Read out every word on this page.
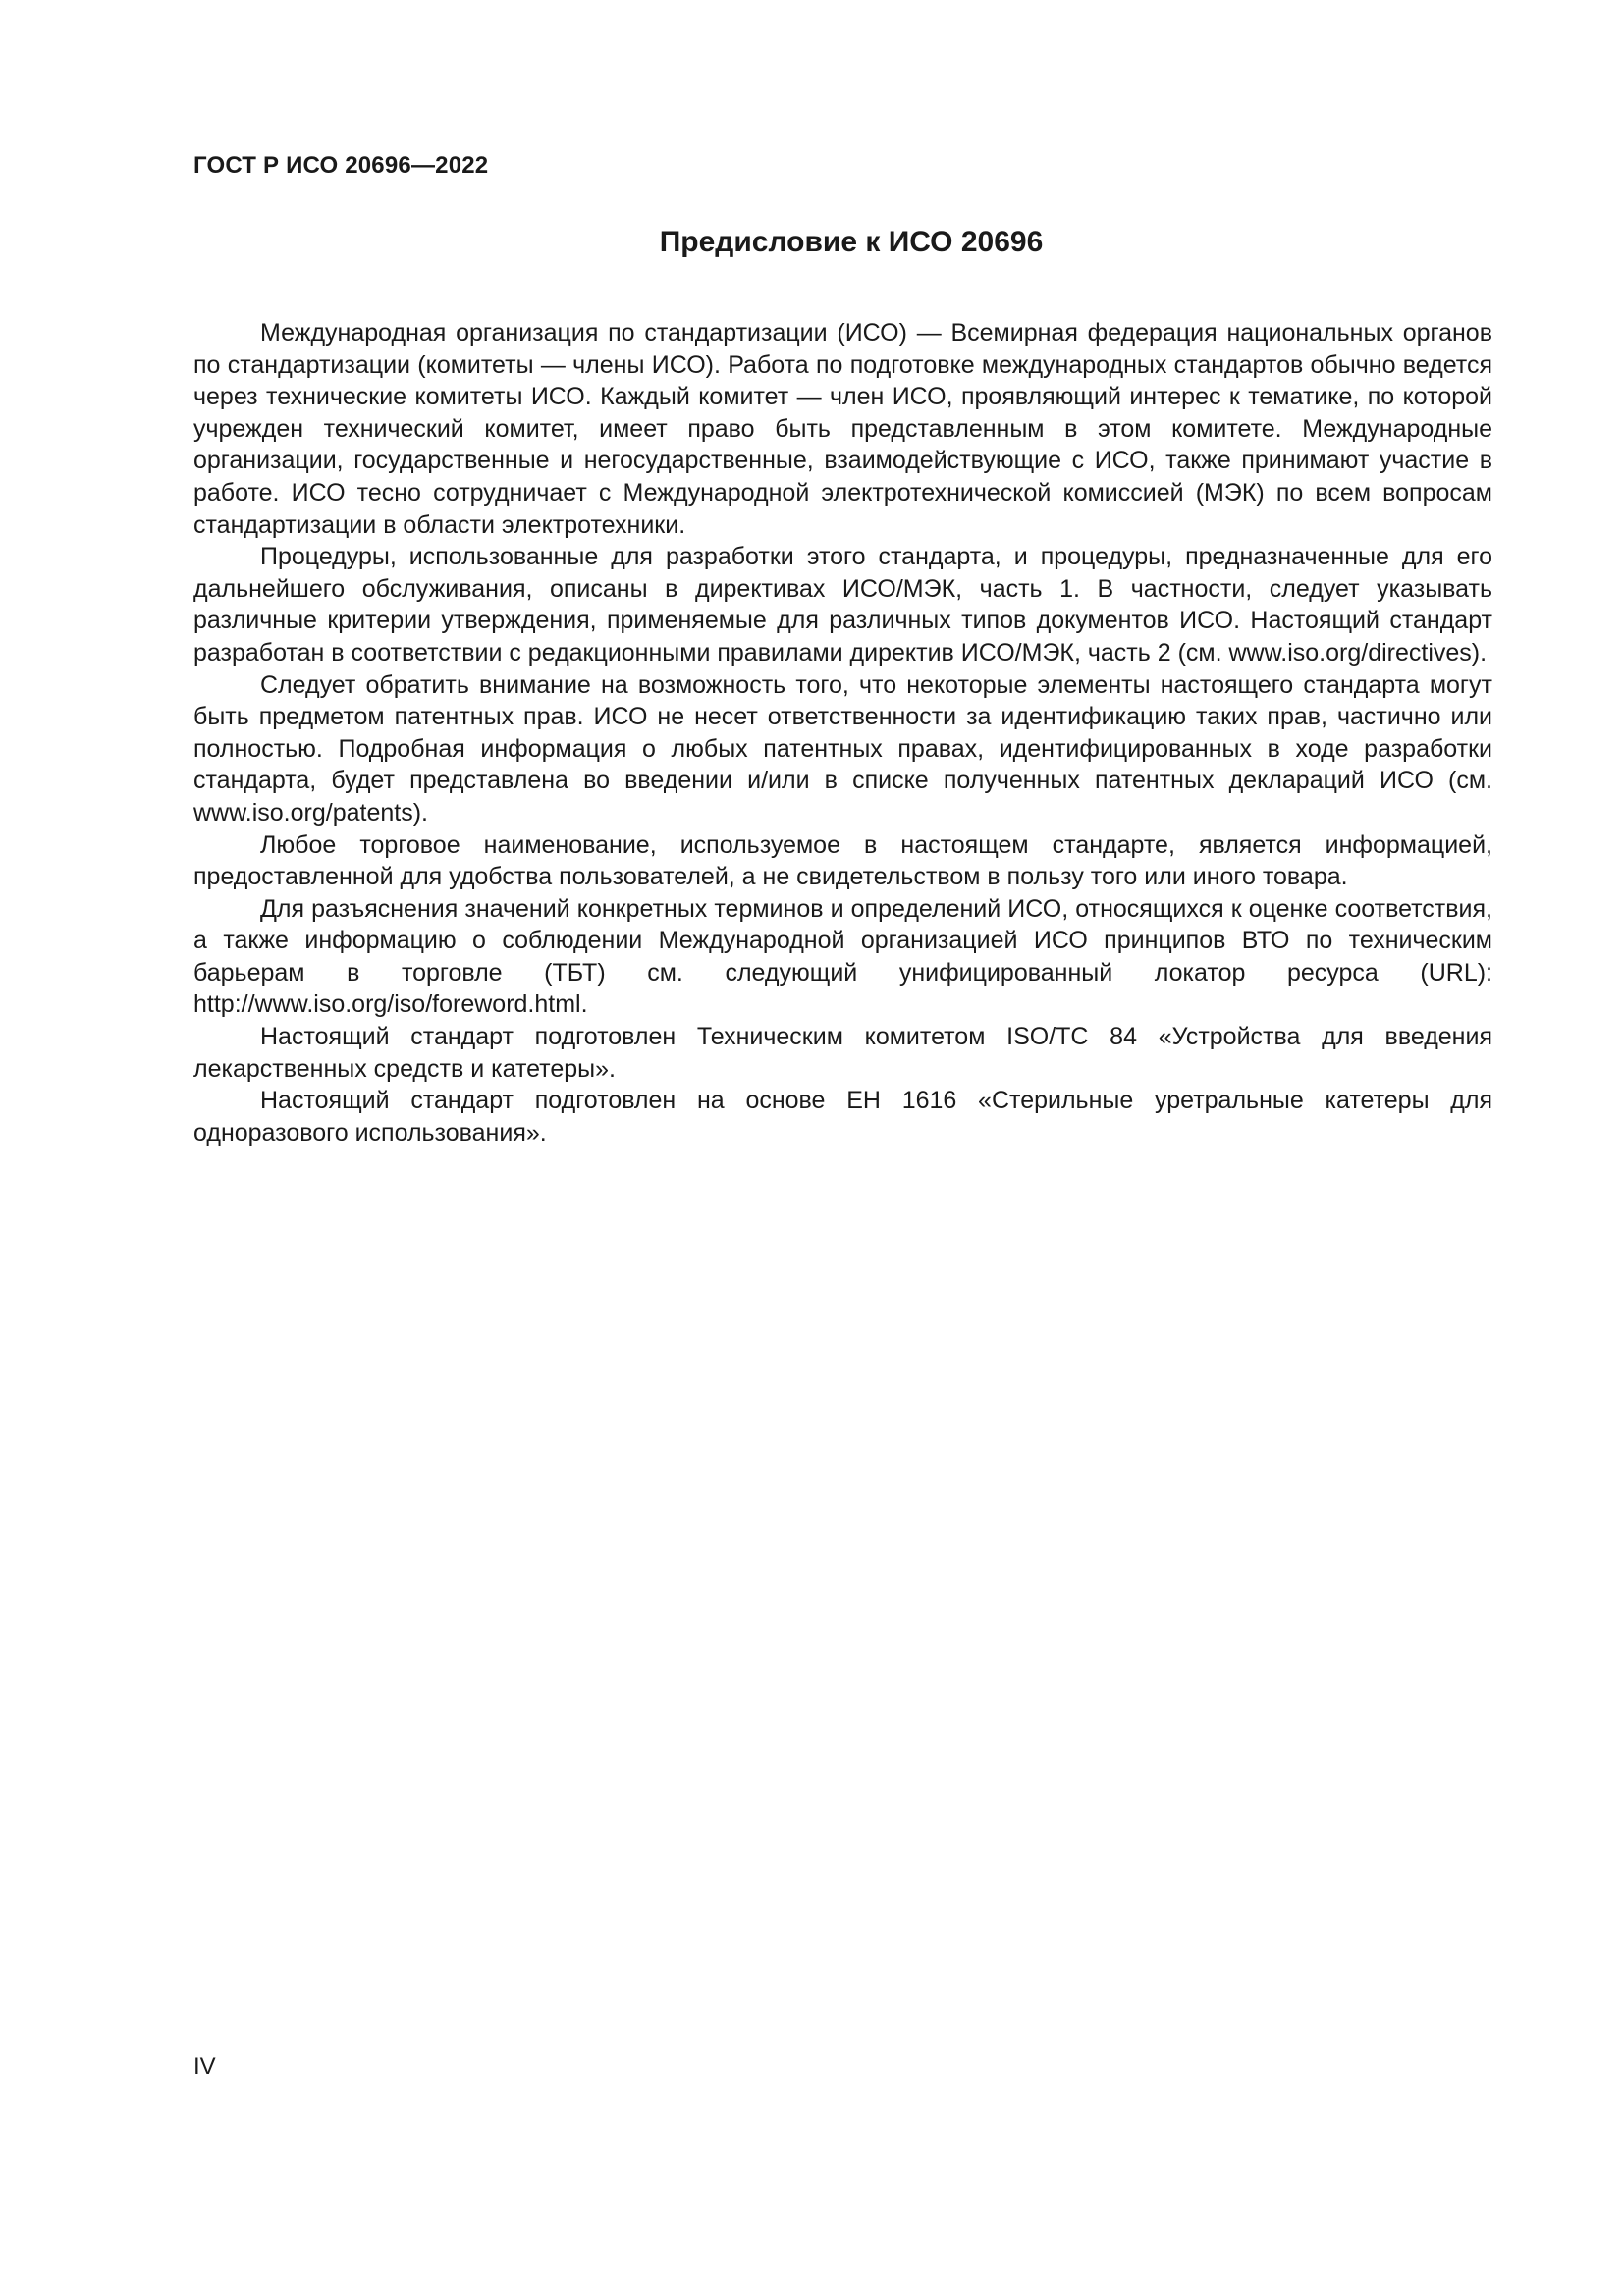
ГОСТ Р ИСО 20696—2022

Предисловие к ИСО 20696

Международная организация по стандартизации (ИСО) — Всемирная федерация национальных органов по стандартизации (комитеты — члены ИСО). Работа по подготовке международных стандартов обычно ведется через технические комитеты ИСО. Каждый комитет — член ИСО, проявляющий интерес к тематике, по которой учрежден технический комитет, имеет право быть представленным в этом комитете. Международные организации, государственные и негосударственные, взаимодействующие с ИСО, также принимают участие в работе. ИСО тесно сотрудничает с Международной электротехнической комиссией (МЭК) по всем вопросам стандартизации в области электротехники.

Процедуры, использованные для разработки этого стандарта, и процедуры, предназначенные для его дальнейшего обслуживания, описаны в директивах ИСО/МЭК, часть 1. В частности, следует указывать различные критерии утверждения, применяемые для различных типов документов ИСО. Настоящий стандарт разработан в соответствии с редакционными правилами директив ИСО/МЭК, часть 2 (см. www.iso.org/directives).

Следует обратить внимание на возможность того, что некоторые элементы настоящего стандарта могут быть предметом патентных прав. ИСО не несет ответственности за идентификацию таких прав, частично или полностью. Подробная информация о любых патентных правах, идентифицированных в ходе разработки стандарта, будет представлена во введении и/или в списке полученных патентных деклараций ИСО (см. www.iso.org/patents).

Любое торговое наименование, используемое в настоящем стандарте, является информацией, предоставленной для удобства пользователей, а не свидетельством в пользу того или иного товара.

Для разъяснения значений конкретных терминов и определений ИСО, относящихся к оценке соответствия, а также информацию о соблюдении Международной организацией ИСО принципов ВТО по техническим барьерам в торговле (ТБТ) см. следующий унифицированный локатор ресурса (URL): http://www.iso.org/iso/foreword.html.

Настоящий стандарт подготовлен Техническим комитетом ISO/TC 84 «Устройства для введения лекарственных средств и катетеры».

Настоящий стандарт подготовлен на основе ЕН 1616 «Стерильные уретральные катетеры для одноразового использования».

IV
